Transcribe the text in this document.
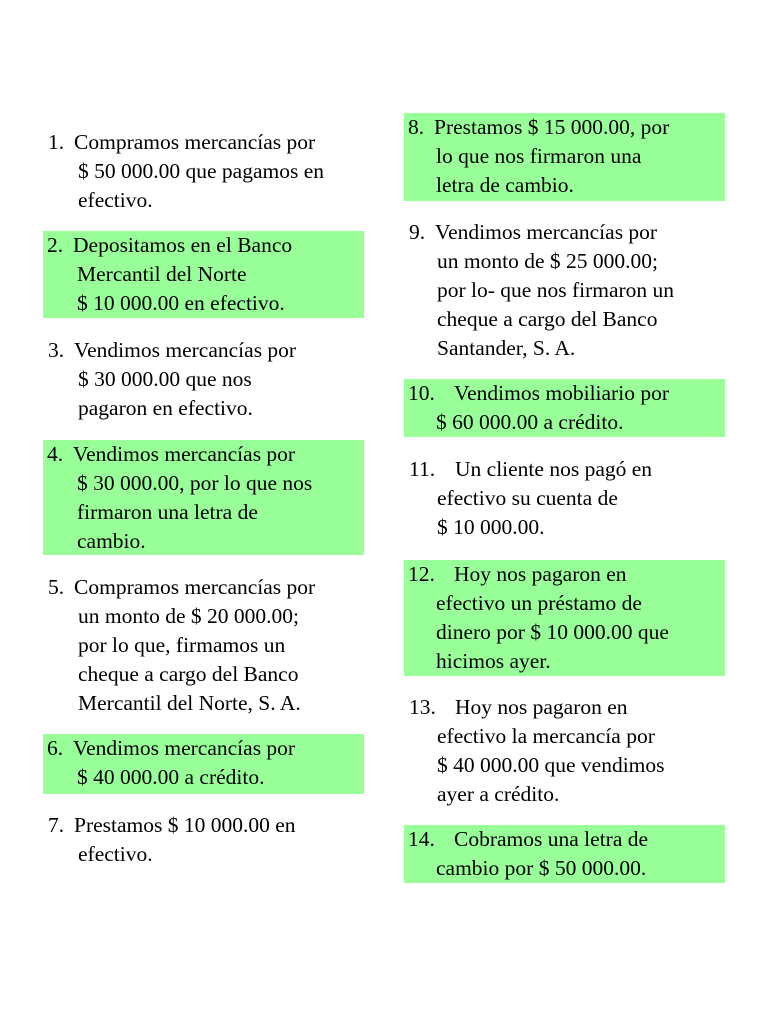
1. Compramos mercancías por
$ 50 000.00 que pagamos en
efectivo.
2. Depositamos en el Banco
Mercantil del Norte
$ 10 000.00 en efectivo.
3. Vendimos mercancías por
$ 30 000.00 que nos
pagaron en efectivo.
4. Vendimos mercancías por
$ 30 000.00, por lo que nos
firmaron una letra de
cambio.
5. Compramos mercancías por
un monto de $ 20 000.00;
por lo que, firmamos un
cheque a cargo del Banco
Mercantil del Norte, S. A.
6. Vendimos mercancías por
$ 40 000.00 a crédito.
7. Prestamos $ 10 000.00 en
efectivo.
8. Prestamos $ 15 000.00, por
lo que nos firmaron una
letra de cambio.
9. Vendimos mercancías por
un monto de $ 25 000.00;
por lo- que nos firmaron un
cheque a cargo del Banco
Santander, S. A.
10. Vendimos mobiliario por
$ 60 000.00 a crédito.
11. Un cliente nos pagó en
efectivo su cuenta de
$ 10 000.00.
12. Hoy nos pagaron en
efectivo un préstamo de
dinero por $ 10 000.00 que
hicimos ayer.
13. Hoy nos pagaron en
efectivo la mercancía por
$ 40 000.00 que vendimos
ayer a crédito.
14. Cobramos una letra de
cambio por $ 50 000.00.
